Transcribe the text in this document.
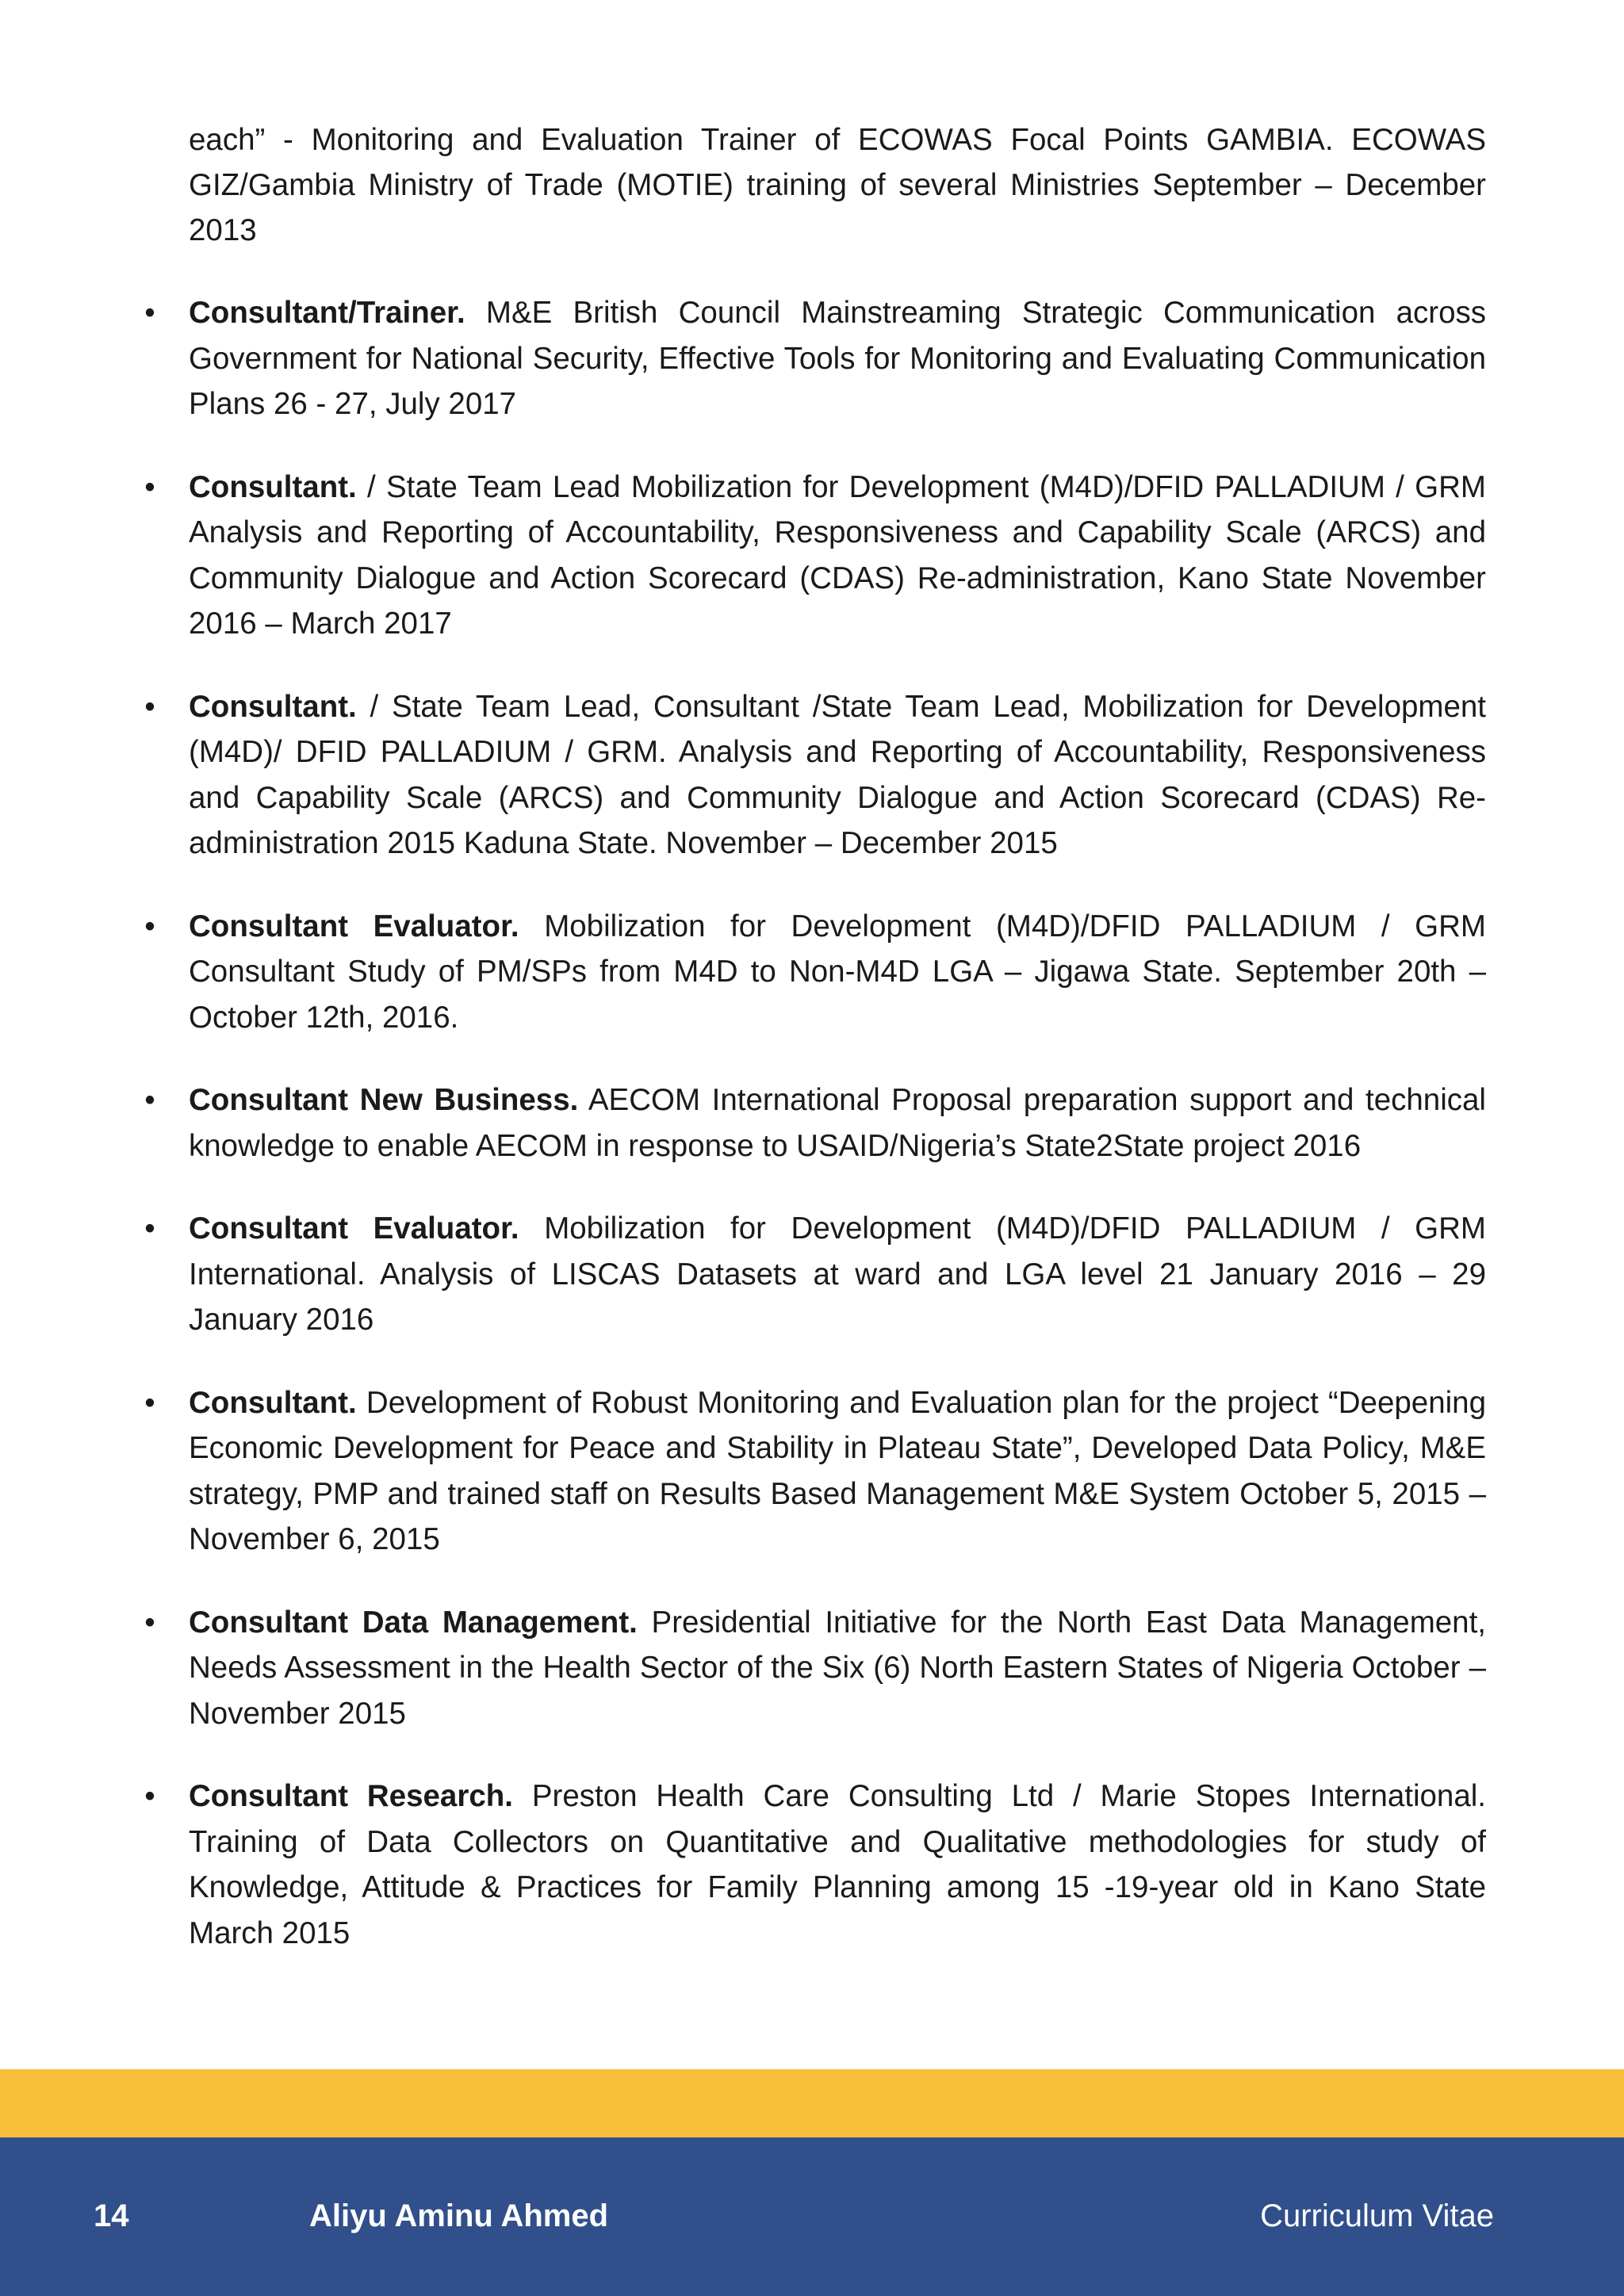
each” - Monitoring and Evaluation Trainer of ECOWAS Focal Points GAMBIA. ECOWAS GIZ/Gambia Ministry of Trade (MOTIE) training of several Ministries September – December 2013

• Consultant/Trainer. M&E British Council Mainstreaming Strategic Communication across Government for National Security, Effective Tools for Monitoring and Evaluating Communication Plans 26 - 27, July 2017
• Consultant. / State Team Lead Mobilization for Development (M4D)/DFID PALLADIUM / GRM Analysis and Reporting of Accountability, Responsiveness and Capability Scale (ARCS) and Community Dialogue and Action Scorecard (CDAS) Re-administration, Kano State November 2016 – March 2017
• Consultant. / State Team Lead, Consultant /State Team Lead, Mobilization for Development (M4D)/ DFID PALLADIUM / GRM. Analysis and Reporting of Accountability, Responsiveness and Capability Scale (ARCS) and Community Dialogue and Action Scorecard (CDAS) Re-administration 2015 Kaduna State. November – December 2015
• Consultant Evaluator. Mobilization for Development (M4D)/DFID PALLADIUM / GRM Consultant Study of PM/SPs from M4D to Non-M4D LGA – Jigawa State. September 20th – October 12th, 2016.
• Consultant New Business. AECOM International Proposal preparation support and technical knowledge to enable AECOM in response to USAID/Nigeria’s State2State project 2016
• Consultant Evaluator. Mobilization for Development (M4D)/DFID PALLADIUM / GRM International. Analysis of LISCAS Datasets at ward and LGA level 21 January 2016 – 29 January 2016
• Consultant. Development of Robust Monitoring and Evaluation plan for the project “Deepening Economic Development for Peace and Stability in Plateau State”, Developed Data Policy, M&E strategy, PMP and trained staff on Results Based Management M&E System October 5, 2015 – November 6, 2015
• Consultant Data Management. Presidential Initiative for the North East Data Management, Needs Assessment in the Health Sector of the Six (6) North Eastern States of Nigeria October – November 2015
• Consultant Research. Preston Health Care Consulting Ltd / Marie Stopes International. Training of Data Collectors on Quantitative and Qualitative methodologies for study of Knowledge, Attitude & Practices for Family Planning among 15 -19-year old in Kano State March 2015
14	Aliyu Aminu Ahmed	Curriculum Vitae
